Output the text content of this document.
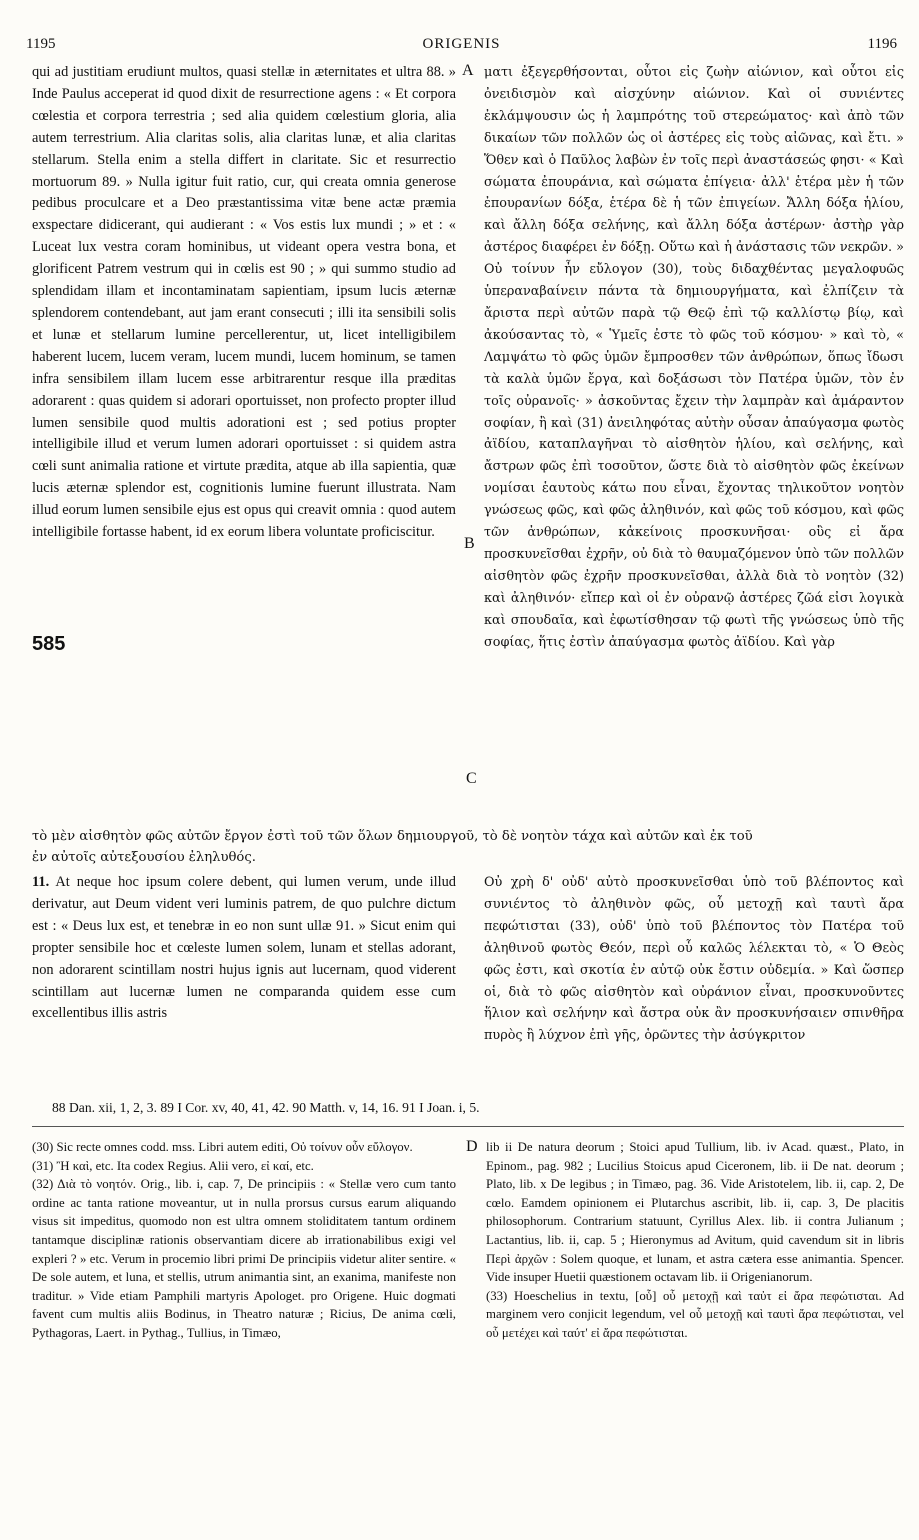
1195	ORIGENIS	1196
A
B
C
585

qui ad justitiam erudiunt multos, quasi stellæ in æternitates et ultra 88. » Inde Paulus acceperat id quod dixit de resurrectione agens : « Et corpora cœlestia et corpora terrestria ; sed alia quidem cœlestium gloria, alia autem terrestrium. Alia claritas solis, alia claritas lunæ, et alia claritas stellarum. Stella enim a stella differt in claritate. Sic et resurrectio mortuorum 89. » Nulla igitur fuit ratio, cur, qui creata omnia generose pedibus proculcare et a Deo præstantissima vitæ bene actæ præmia exspectare didicerant, qui audierant : « Vos estis lux mundi ; » et : « Luceat lux vestra coram hominibus, ut videant opera vestra bona, et glorificent Patrem vestrum qui in cœlis est 90 ; » qui summo studio ad splendidam illam et incontaminatam sapientiam, ipsum lucis æternæ splendorem contendebant, aut jam erant consecuti ; illi ita sensibili solis et lunæ et stellarum lumine percellerentur, ut, licet intelligibilem haberent lucem, lucem veram, lucem mundi, lucem hominum, se tamen infra sensibilem illam lucem esse arbitrarentur resque illa præditas adorarent : quas quidem si adorari oportuisset, non profecto propter illud lumen sensibile quod multis adorationi est ; sed potius propter intelligibile illud et verum lumen adorari oportuisset : si quidem astra cœli sunt animalia ratione et virtute prædita, atque ab illa sapientia, quæ lucis æternæ splendor est, cognitionis lumine fuerunt illustrata. Nam illud eorum lumen sensibile ejus est opus qui creavit omnia : quod autem intelligibile fortasse habent, id ex eorum libera voluntate proficiscitur.

ματι ἐξεγερθήσονται, οὗτοι εἰς ζωὴν αἰώνιον, καὶ οὗτοι εἰς ὀνειδισμὸν καὶ αἰσχύνην αἰώνιον. Καὶ οἱ συνιέντες ἐκλάμψουσιν ὡς ἡ λαμπρότης τοῦ στερεώματος· καὶ ἀπὸ τῶν δικαίων τῶν πολλῶν ὡς οἱ ἀστέρες εἰς τοὺς αἰῶνας, καὶ ἔτι. » Ὅθεν καὶ ὁ Παῦλος λαβὼν ἐν τοῖς περὶ ἀναστάσεώς φησι· « Καὶ σώματα ἐπουράνια, καὶ σώματα ἐπίγεια· ἀλλ' ἑτέρα μὲν ἡ τῶν ἐπουρανίων δόξα, ἑτέρα δὲ ἡ τῶν ἐπιγείων. Ἄλλη δόξα ἡλίου, καὶ ἄλλη δόξα σελήνης, καὶ ἄλλη δόξα ἀστέρων· ἀστὴρ γὰρ ἀστέρος διαφέρει ἐν δόξῃ. Οὕτω καὶ ἡ ἀνάστασις τῶν νεκρῶν. » Οὐ τοίνυν ἦν εὔλογον (30), τοὺς διδαχθέντας μεγαλοφυῶς ὑπεραναβαίνειν πάντα τὰ δημιουργήματα, καὶ ἐλπίζειν τὰ ἄριστα περὶ αὐτῶν παρὰ τῷ Θεῷ ἐπὶ τῷ καλλίστῳ βίῳ, καὶ ἀκούσαντας τὸ, « Ὑμεῖς ἐστε τὸ φῶς τοῦ κόσμου· » καὶ τὸ, « Λαμψάτω τὸ φῶς ὑμῶν ἔμπροσθεν τῶν ἀνθρώπων, ὅπως ἴδωσι τὰ καλὰ ὑμῶν ἔργα, καὶ δοξάσωσι τὸν Πατέρα ὑμῶν, τὸν ἐν τοῖς οὐρανοῖς· » ἀσκοῦντας ἔχειν τὴν λαμπρὰν καὶ ἀμάραντον σοφίαν, ἢ καὶ (31) ἀνειληφότας αὐτὴν οὖσαν ἀπαύγασμα φωτὸς ἀϊδίου, καταπλαγῆναι τὸ αἰσθητὸν ἡλίου, καὶ σελήνης, καὶ ἄστρων φῶς ἐπὶ τοσοῦτον, ὥστε διὰ τὸ αἰσθητὸν φῶς ἐκείνων νομίσαι ἑαυτοὺς κάτω που εἶναι, ἔχοντας τηλικοῦτον νοητὸν γνώσεως φῶς, καὶ φῶς ἀληθινόν, καὶ φῶς τοῦ κόσμου, καὶ φῶς τῶν ἀνθρώπων, κἀκείνοις προσκυνῆσαι· οὓς εἰ ἄρα προσκυνεῖσθαι ἐχρῆν, οὐ διὰ τὸ θαυμαζόμενον ὑπὸ τῶν πολλῶν αἰσθητὸν φῶς ἐχρῆν προσκυνεῖσθαι, ἀλλὰ διὰ τὸ νοητὸν (32) καὶ ἀληθινόν· εἴπερ καὶ οἱ ἐν οὐρανῷ ἀστέρες ζῶά εἰσι λογικὰ καὶ σπουδαῖα, καὶ ἐφωτίσθησαν τῷ φωτὶ τῆς γνώσεως ὑπὸ τῆς σοφίας, ἥτις ἐστὶν ἀπαύγασμα φωτὸς ἀϊδίου. Καὶ γὰρ

τὸ μὲν αἰσθητὸν φῶς αὐτῶν ἔργον ἐστὶ τοῦ τῶν ὅλων δημιουργοῦ, τὸ δὲ νοητὸν τάχα καὶ αὐτῶν καὶ ἐκ τοῦ

ἐν αὐτοῖς αὐτεξουσίου ἐληλυθός.

11. At neque hoc ipsum colere debent, qui lumen verum, unde illud derivatur, aut Deum vident veri luminis patrem, de quo pulchre dictum est : « Deus lux est, et tenebræ in eo non sunt ullæ 91. » Sicut enim qui propter sensibile hoc et cœleste lumen solem, lunam et stellas adorant, non adorarent scintillam nostri hujus ignis aut lucernam, quod viderent scintillam aut lucernæ lumen ne comparanda quidem esse cum excellentibus illis astris

Οὐ χρὴ δ' οὐδ' αὐτὸ προσκυνεῖσθαι ὑπὸ τοῦ βλέποντος καὶ συνιέντος τὸ ἀληθινὸν φῶς, οὗ μετοχῇ καὶ ταυτὶ ἄρα πεφώτισται (33), οὐδ' ὑπὸ τοῦ βλέποντος τὸν Πατέρα τοῦ ἀληθινοῦ φωτὸς Θεόν, περὶ οὗ καλῶς λέλεκται τὸ, « Ὁ Θεὸς φῶς ἐστι, καὶ σκοτία ἐν αὐτῷ οὐκ ἔστιν οὐδεμία. » Καὶ ὥσπερ οἱ, διὰ τὸ φῶς αἰσθητὸν καὶ οὐράνιον εἶναι, προσκυνοῦντες ἥλιον καὶ σελήνην καὶ ἄστρα οὐκ ἂν προσκυνήσαιεν σπινθῆρα πυρὸς ἢ λύχνον ἐπὶ γῆς, ὁρῶντες τὴν ἀσύγκριτον

88 Dan. xii, 1, 2, 3. 89 I Cor. xv, 40, 41, 42. 90 Matth. v, 14, 16. 91 I Joan. i, 5.
D

(30) Sic recte omnes codd. mss. Libri autem editi, Οὐ τοίνυν οὖν εὔλογον.

(31) Ἢ καὶ, etc. Ita codex Regius. Alii vero, εἰ καί, etc.

(32) Διὰ τὸ νοητόν. Orig., lib. i, cap. 7, De principiis : « Stellæ vero cum tanto ordine ac tanta ratione moveantur, ut in nulla prorsus cursus earum aliquando visus sit impeditus, quomodo non est ultra omnem stoliditatem tantum ordinem tantamque disciplinæ rationis observantiam dicere ab irrationabilibus exigi vel expleri ? » etc. Verum in procemio libri primi De principiis videtur aliter sentire. « De sole autem, et luna, et stellis, utrum animantia sint, an exanima, manifeste non traditur. » Vide etiam Pamphili martyris Apologet. pro Origene. Huic dogmati favent cum multis aliis Bodinus, in Theatro naturæ ; Ricius, De anima cœli, Pythagoras, Laert. in Pythag., Tullius, in Timæo,

lib ii De natura deorum ; Stoici apud Tullium, lib. iv Acad. quæst., Plato, in Epinom., pag. 982 ; Lucilius Stoicus apud Ciceronem, lib. ii De nat. deorum ; Plato, lib. x De legibus ; in Timæo, pag. 36. Vide Aristotelem, lib. ii, cap. 2, De cœlo. Eamdem opinionem ei Plutarchus ascribit, lib. ii, cap. 3, De placitis philosophorum. Contrarium statuunt, Cyrillus Alex. lib. ii contra Julianum ; Lactantius, lib. ii, cap. 5 ; Hieronymus ad Avitum, quid cavendum sit in libris Περὶ ἀρχῶν : Solem quoque, et lunam, et astra cætera esse animantia. Spencer. Vide insuper Huetii quæstionem octavam lib. ii Origenianorum.

(33) Hoeschelius in textu, [οὗ] οὗ μετοχῇ καὶ ταὐτ εἰ ἄρα πεφώτισται. Ad marginem vero conjicit legendum, vel οὗ μετοχῇ καὶ ταυτὶ ἄρα πεφώτισται, vel οὗ μετέχει καὶ ταύτ' εἰ ἄρα πεφώτισται.
